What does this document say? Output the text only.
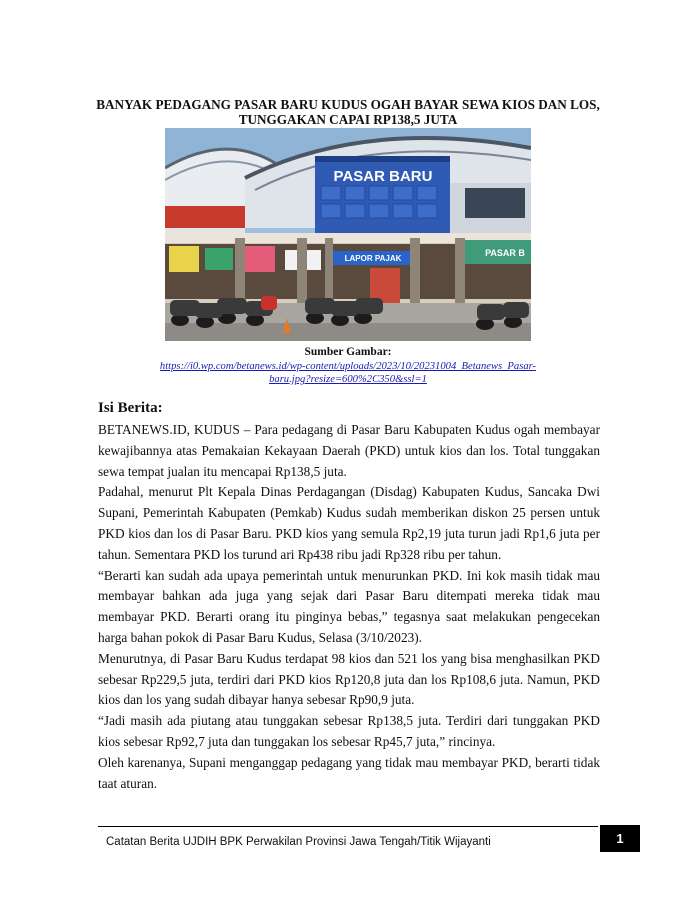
BANYAK PEDAGANG PASAR BARU KUDUS OGAH BAYAR SEWA KIOS DAN LOS, TUNGGAKAN CAPAI RP138,5 JUTA
PASAR BARU
LAPOR PAJAK
PASAR B
Sumber Gambar:
https://i0.wp.com/betanews.id/wp-content/uploads/2023/10/20231004_Betanews_Pasar-baru.jpg?resize=600%2C350&ssl=1
Isi Berita:

BETANEWS.ID, KUDUS – Para pedagang di Pasar Baru Kabupaten Kudus ogah membayar kewajibannya atas Pemakaian Kekayaan Daerah (PKD) untuk kios dan los. Total tunggakan sewa tempat jualan itu mencapai Rp138,5 juta.

Padahal, menurut Plt Kepala Dinas Perdagangan (Disdag) Kabupaten Kudus, Sancaka Dwi Supani, Pemerintah Kabupaten (Pemkab) Kudus sudah memberikan diskon 25 persen untuk PKD kios dan los di Pasar Baru. PKD kios yang semula Rp2,19 juta turun jadi Rp1,6 juta per tahun. Sementara PKD los turund ari Rp438 ribu jadi Rp328 ribu per tahun.

“Berarti kan sudah ada upaya pemerintah untuk menurunkan PKD. Ini kok masih tidak mau membayar bahkan ada juga yang sejak dari Pasar Baru ditempati mereka tidak mau membayar PKD. Berarti orang itu pinginya bebas,” tegasnya saat melakukan pengecekan harga bahan pokok di Pasar Baru Kudus, Selasa (3/10/2023).

Menurutnya, di Pasar Baru Kudus terdapat 98 kios dan 521 los yang bisa menghasilkan PKD sebesar Rp229,5 juta, terdiri dari PKD kios Rp120,8 juta dan los Rp108,6 juta. Namun, PKD kios dan los yang sudah dibayar hanya sebesar Rp90,9 juta.

“Jadi masih ada piutang atau tunggakan sebesar Rp138,5 juta. Terdiri dari tunggakan PKD kios sebesar Rp92,7 juta dan tunggakan los sebesar Rp45,7 juta,” rincinya.

Oleh karenanya, Supani menganggap pedagang yang tidak mau membayar PKD, berarti tidak taat aturan.

Catatan Berita UJDIH BPK Perwakilan Provinsi Jawa Tengah/Titik Wijayanti	1
